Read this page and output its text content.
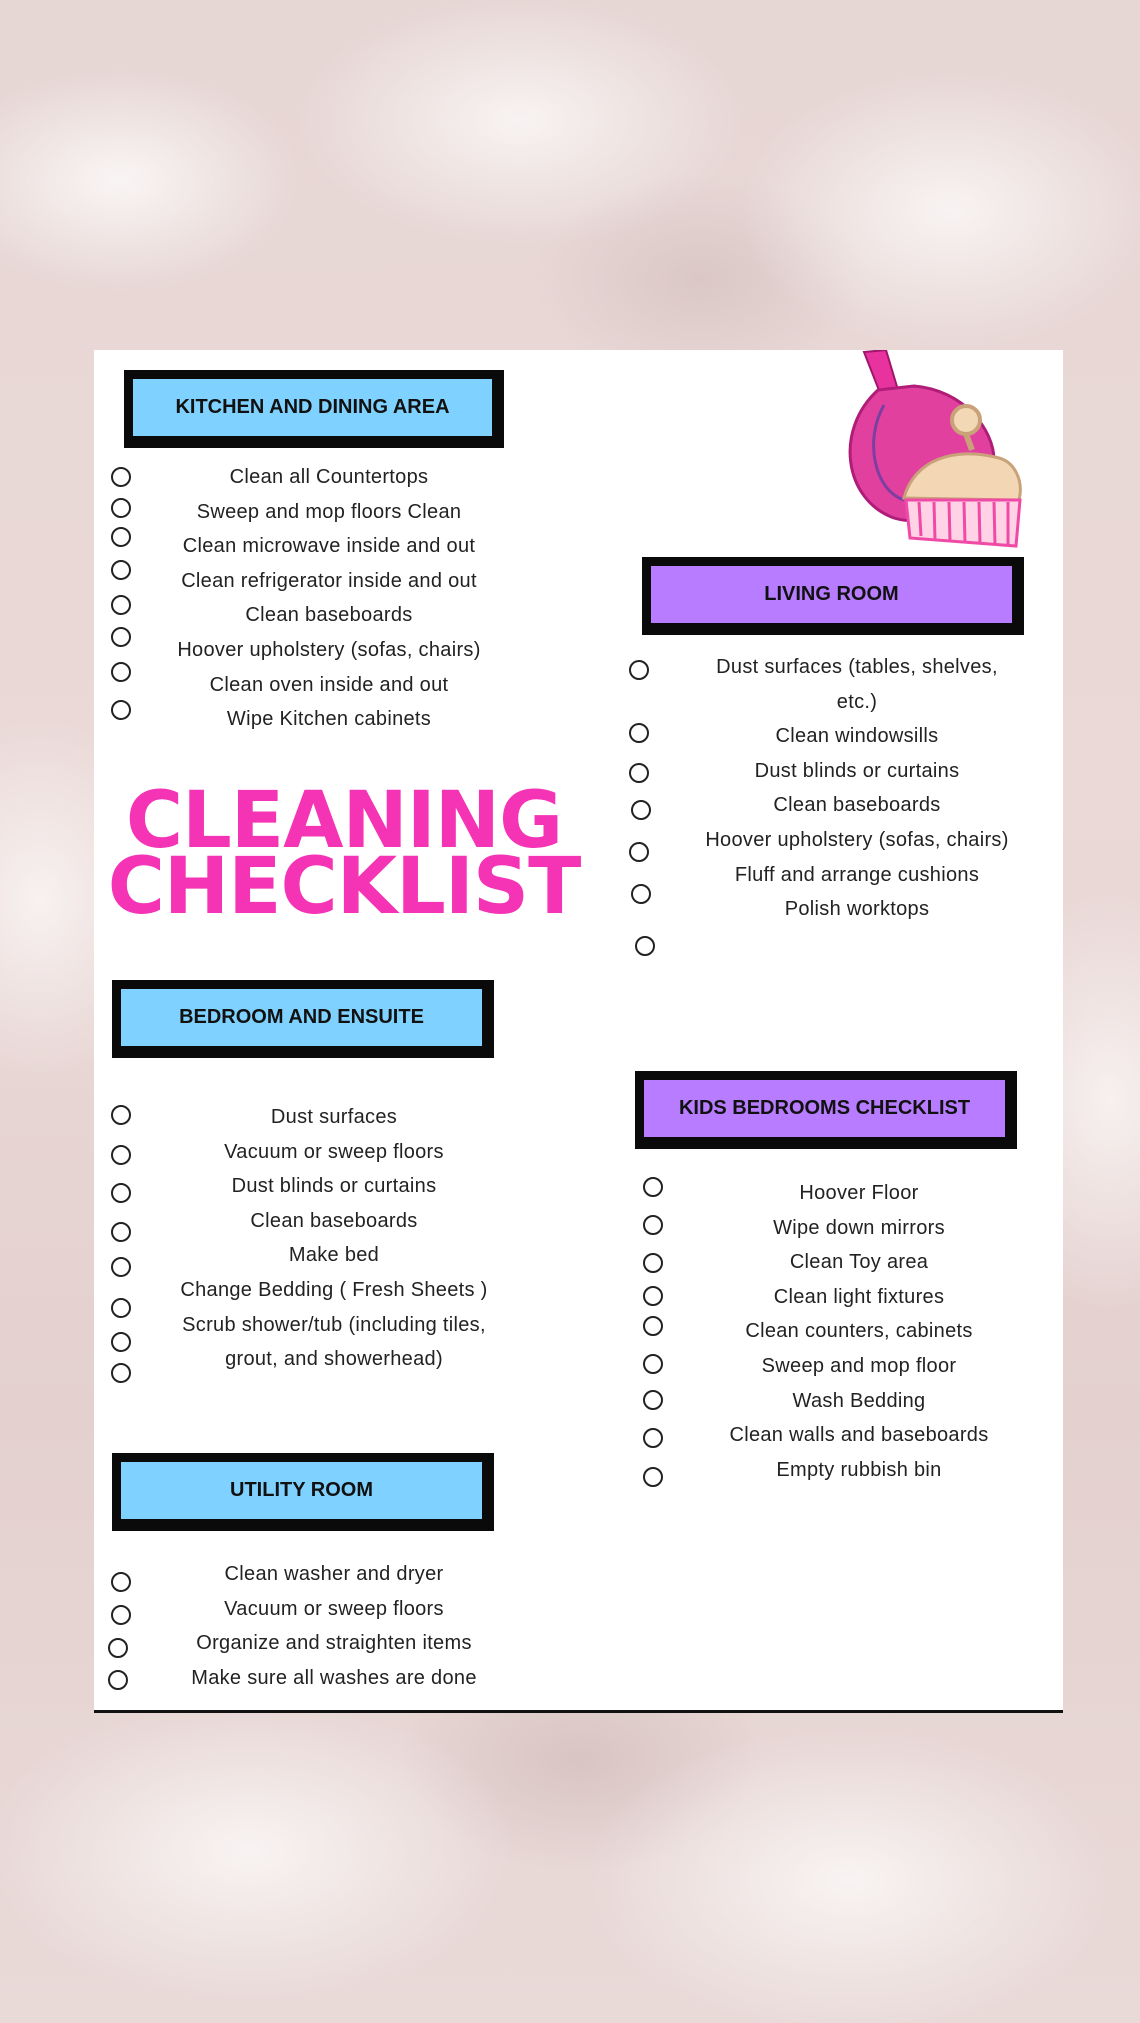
KITCHEN AND DINING AREA
Clean all Countertops
Sweep and mop floors Clean
Clean microwave inside and out
Clean refrigerator inside and out
Clean baseboards
Hoover upholstery (sofas, chairs)
Clean oven inside and out
Wipe Kitchen cabinets
CLEANING
CHECKLIST
LIVING ROOM
Dust surfaces (tables, shelves, etc.)
Clean windowsills
Dust blinds or curtains
Clean baseboards
Hoover upholstery (sofas, chairs)
Fluff and arrange cushions
Polish worktops
BEDROOM AND ENSUITE
Dust surfaces
Vacuum or sweep floors
Dust blinds or curtains
Clean baseboards
Make bed
Change Bedding ( Fresh Sheets )
Scrub shower/tub (including tiles, grout, and showerhead)
KIDS BEDROOMS CHECKLIST
Hoover Floor
Wipe down mirrors
Clean Toy area
Clean light fixtures
Clean counters, cabinets
Sweep and mop floor
Wash Bedding
Clean walls and baseboards
Empty rubbish bin
UTILITY ROOM
Clean washer and dryer
Vacuum or sweep floors
Organize and straighten items
Make sure all washes are done
